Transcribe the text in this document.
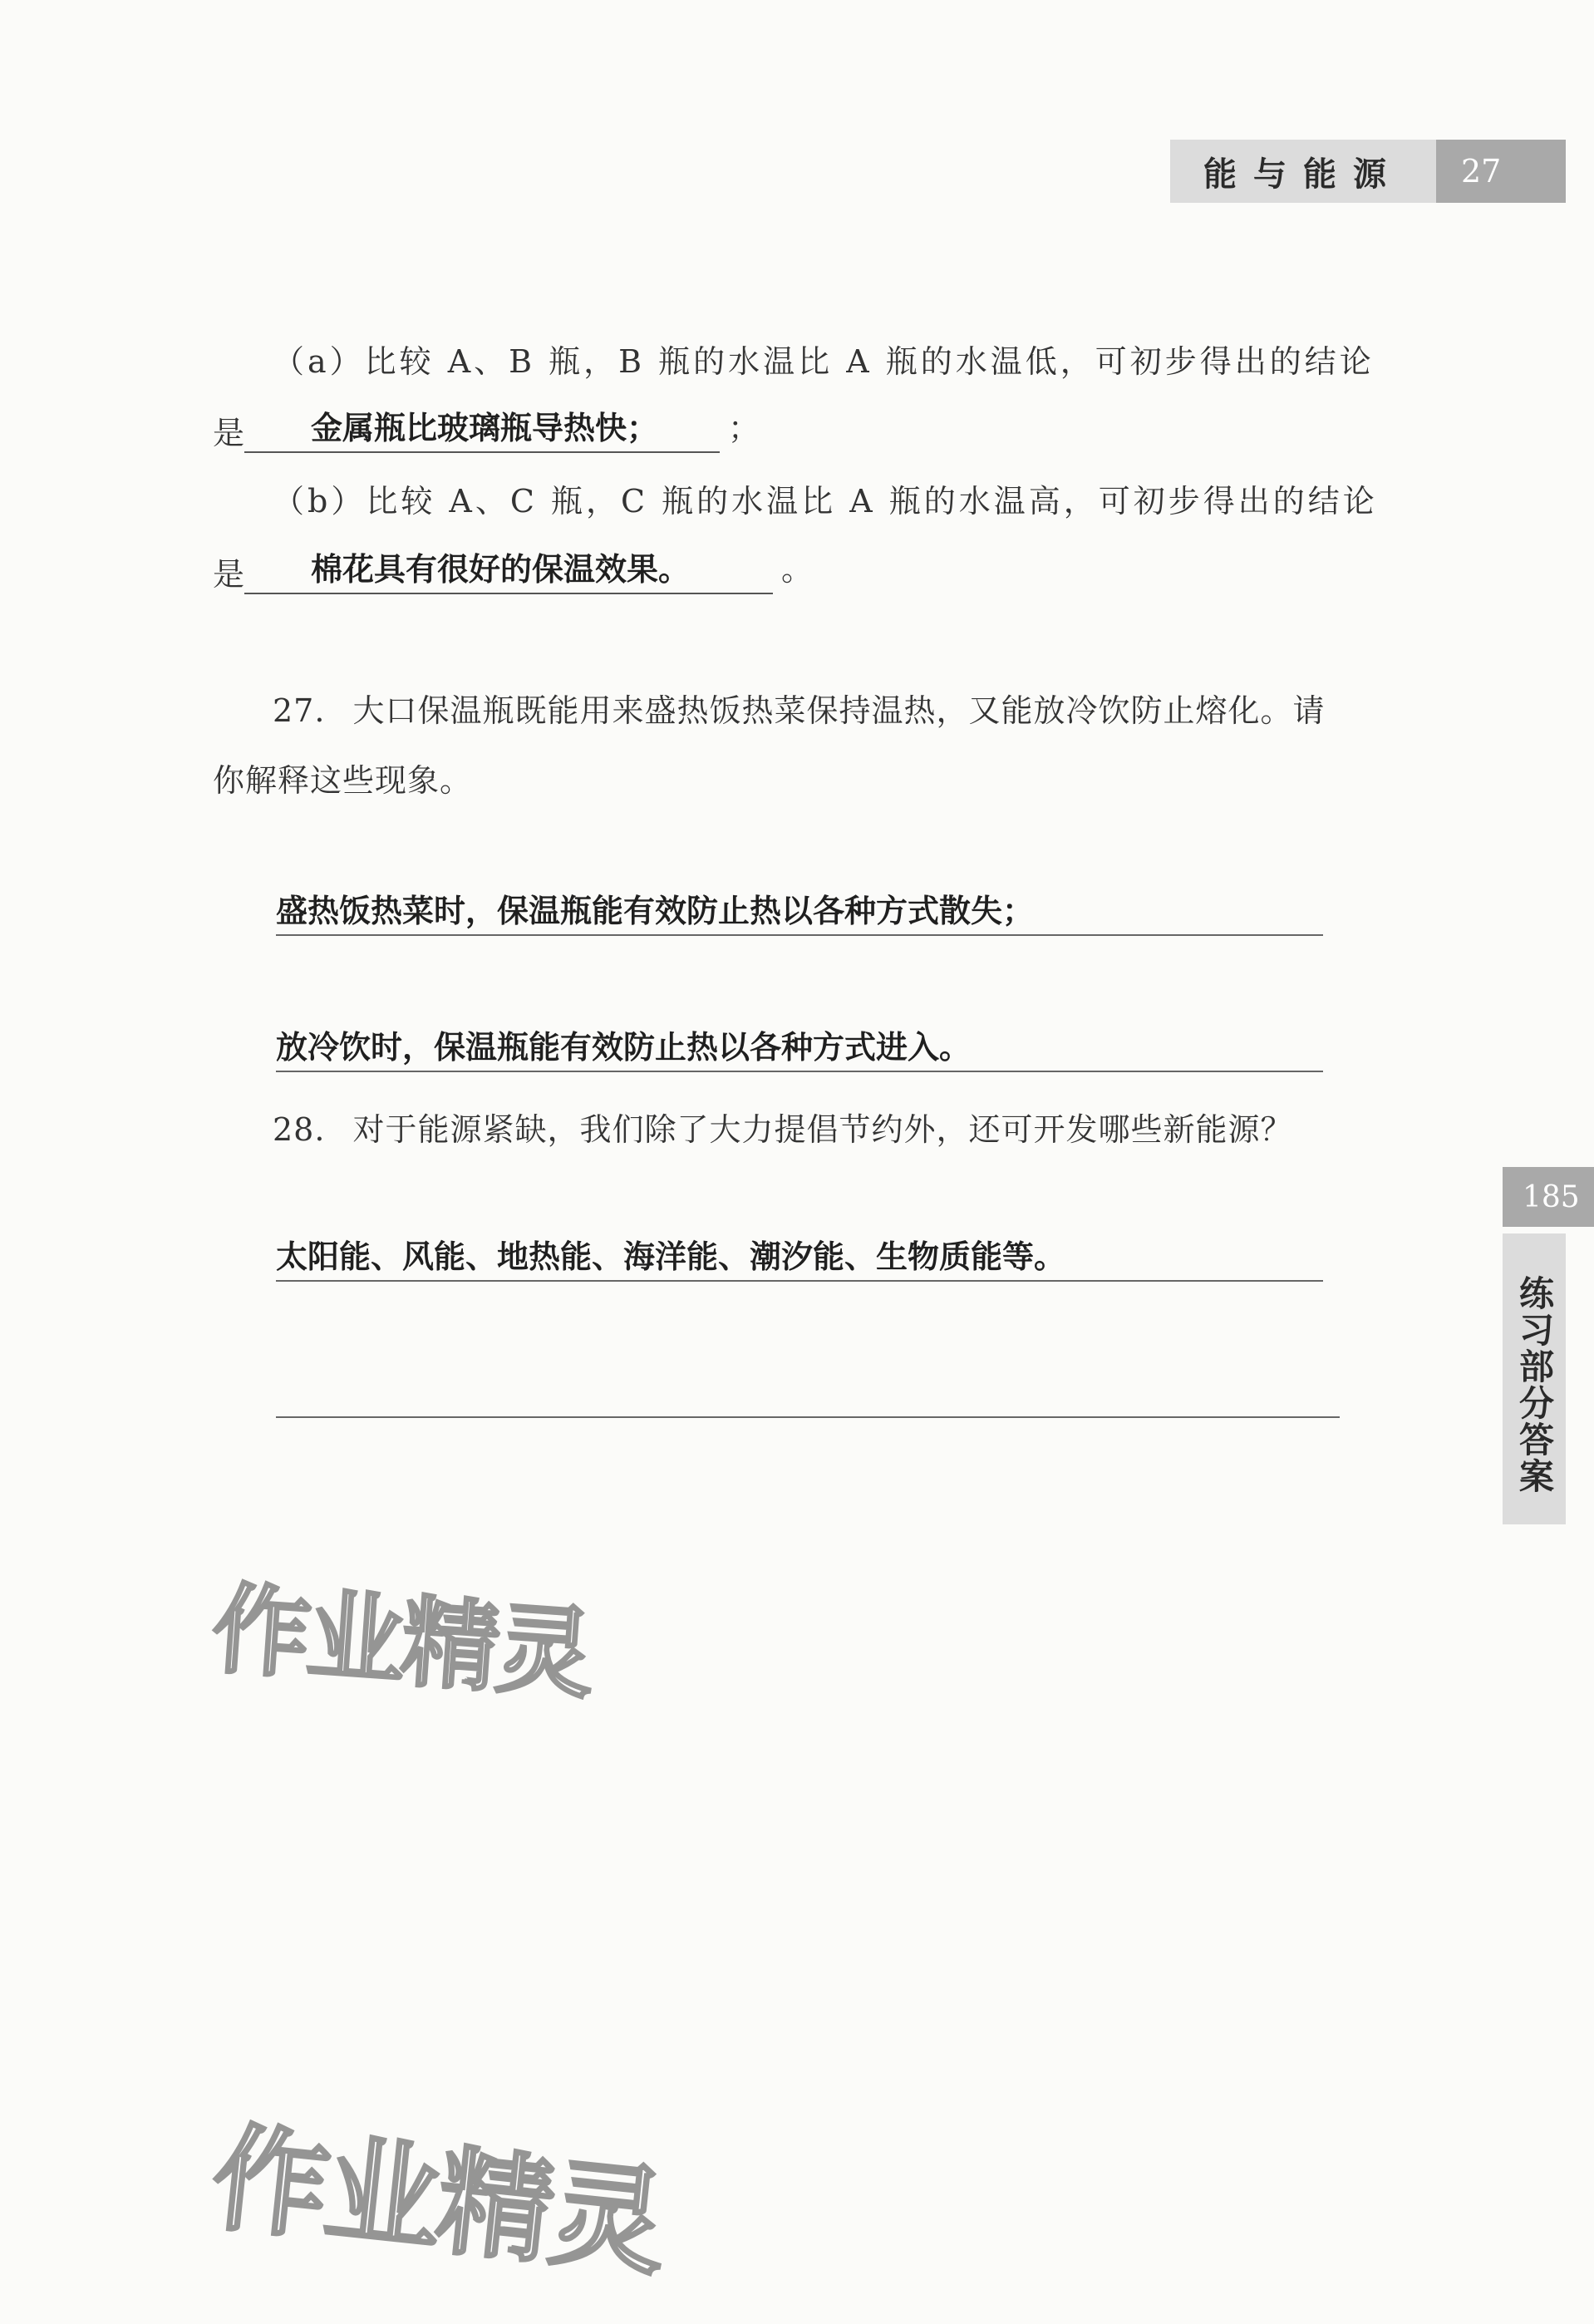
能与能源	27
185
练习部分答案
（a）比较 A、B 瓶，B 瓶的水温比 A 瓶的水温低，可初步得出的结论
是 金属瓶比玻璃瓶导热快； ；
（b）比较 A、C 瓶，C 瓶的水温比 A 瓶的水温高，可初步得出的结论
是 棉花具有很好的保温效果。	。
27. 大口保温瓶既能用来盛热饭热菜保持温热，又能放冷饮防止熔化。请
你解释这些现象。
盛热饭热菜时，保温瓶能有效防止热以各种方式散失；
放冷饮时，保温瓶能有效防止热以各种方式进入。
28. 对于能源紧缺，我们除了大力提倡节约外，还可开发哪些新能源？
太阳能、风能、地热能、海洋能、潮汐能、生物质能等。
作业精灵
作业精灵
